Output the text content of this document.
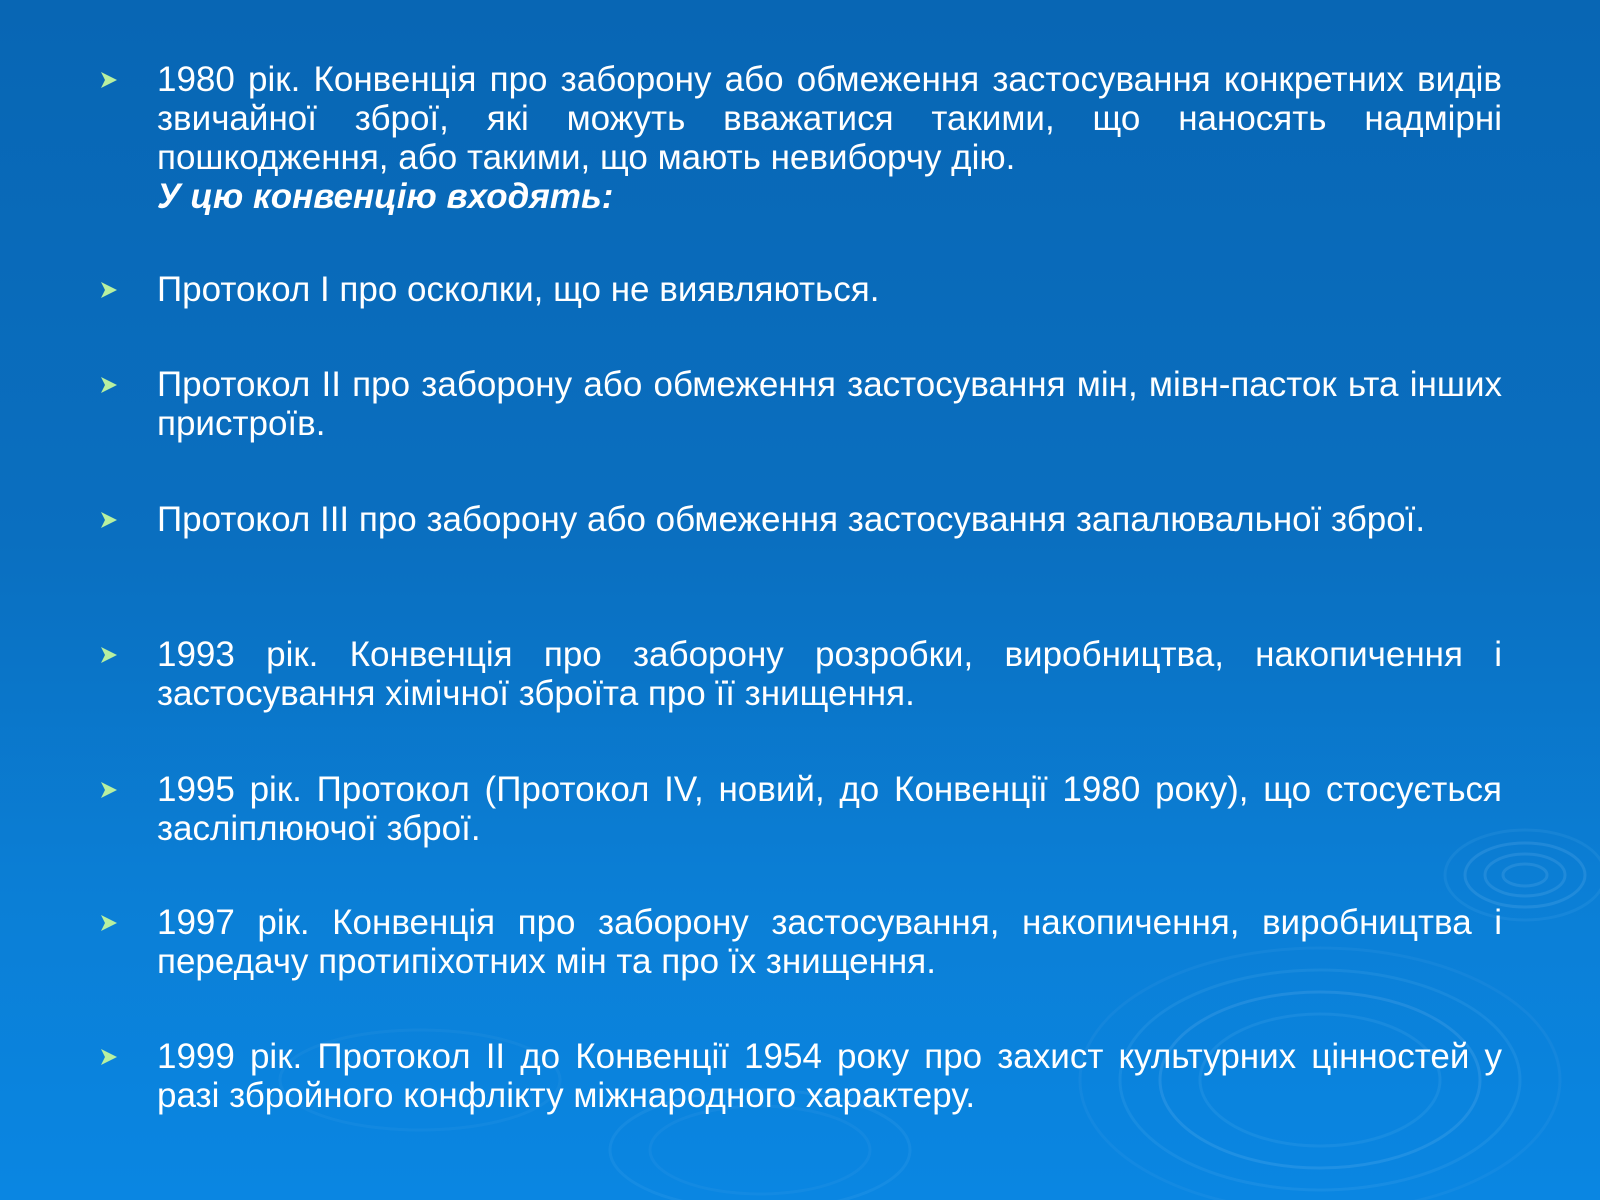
1980 рік. Конвенція про заборону або обмеження застосування конкретних видів звичайної зброї, які можуть вважатися такими, що наносять надмірні пошкодження, або такими, що мають невиборчу дію.
У цю конвенцію входять:
Протокол І про осколки, що не виявляються.
Протокол II про заборону або обмеження застосування мін, мівн-пасток ьта інших пристроїв.
Протокол III про заборону або обмеження застосування запалювальної зброї.
1993 рік. Конвенція про заборону розробки, виробництва, накопичення і застосування хімічної зброїта про її знищення.
1995 рік. Протокол (Протокол IV, новий, до Конвенції 1980 року), що стосується засліплюючої зброї.
1997 рік. Конвенція про заборону застосування, накопичення, виробництва і передачу протипіхотних мін та про їх знищення.
1999 рік. Протокол II до Конвенції 1954 року про захист культурних цінностей у разі збройного конфлікту міжнародного характеру.
